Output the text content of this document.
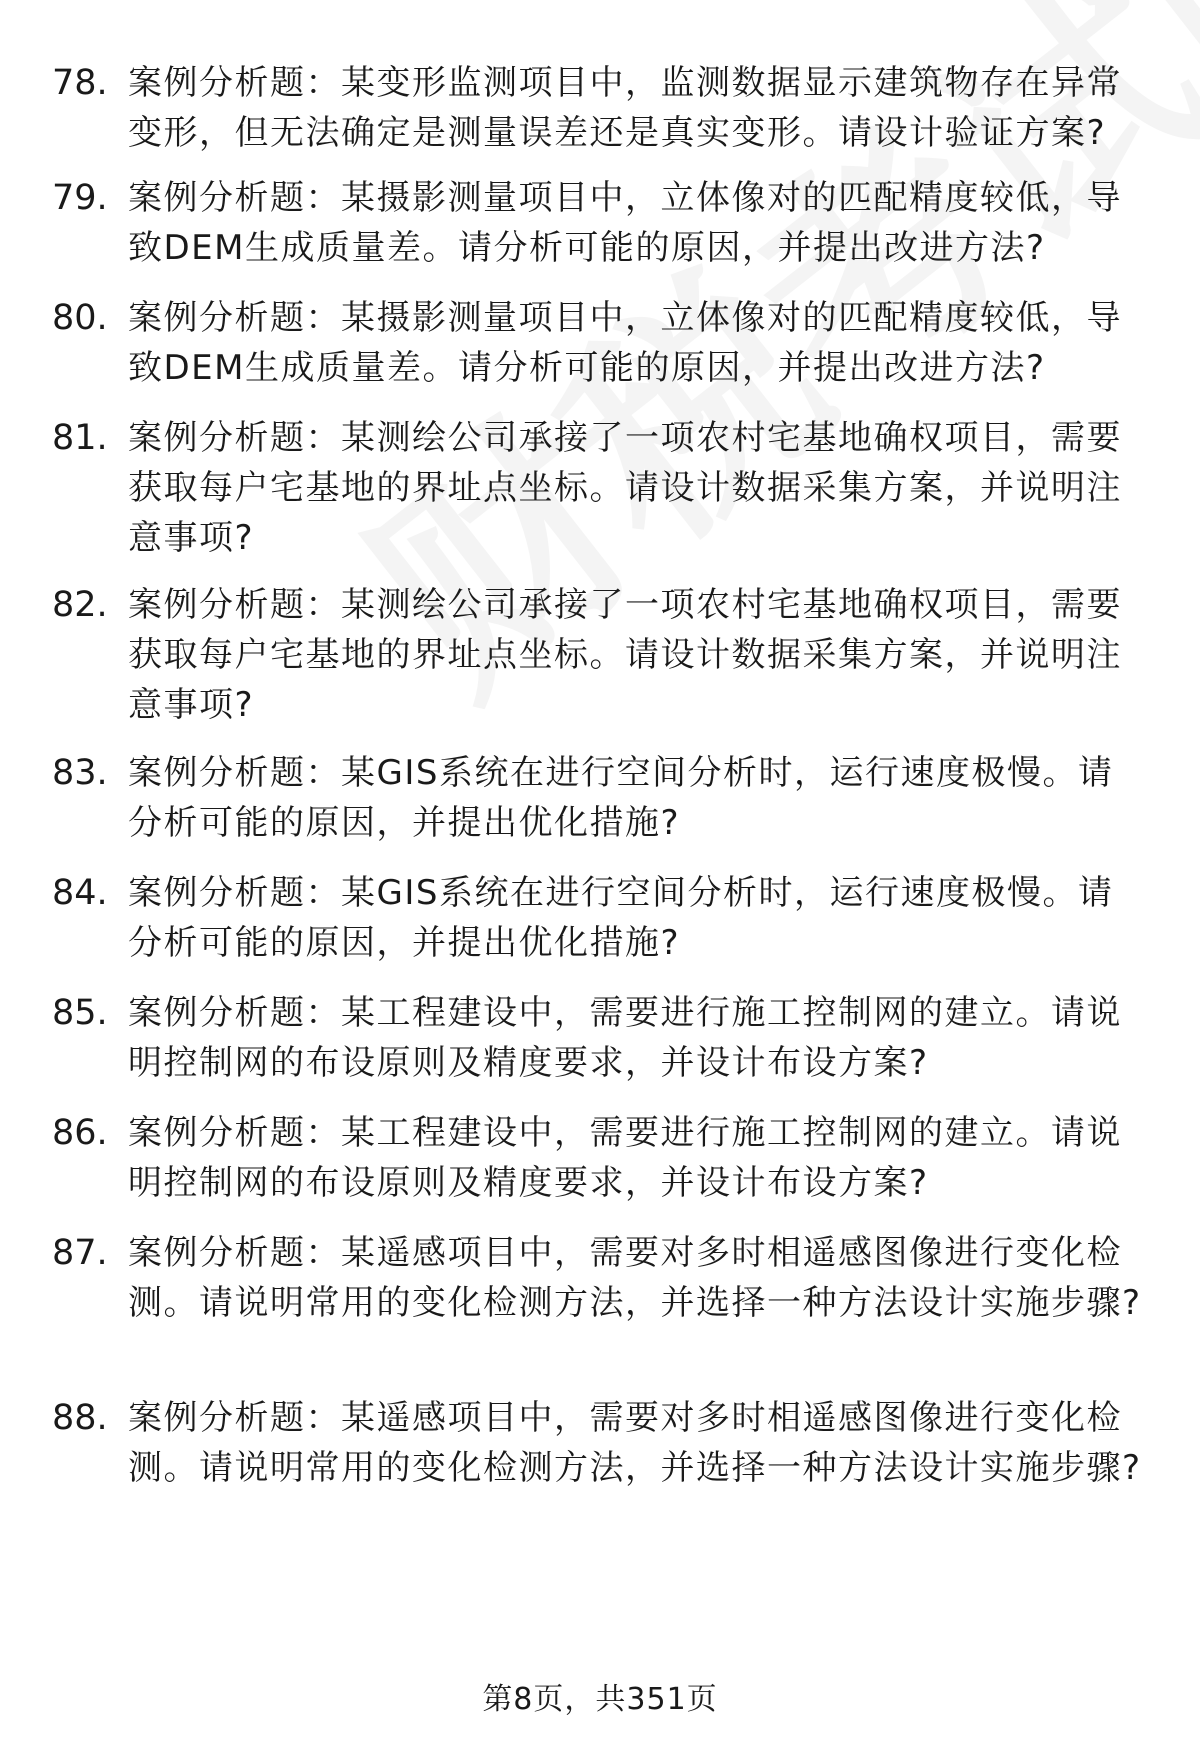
78. 案例分析题：某变形监测项目中，监测数据显示建筑物存在异常变形，但无法确定是测量误差还是真实变形。请设计验证方案?
79. 案例分析题：某摄影测量项目中，立体像对的匹配精度较低，导致DEM生成质量差。请分析可能的原因，并提出改进方法?
80. 案例分析题：某摄影测量项目中，立体像对的匹配精度较低，导致DEM生成质量差。请分析可能的原因，并提出改进方法?
81. 案例分析题：某测绘公司承接了一项农村宅基地确权项目，需要获取每户宅基地的界址点坐标。请设计数据采集方案，并说明注意事项?
82. 案例分析题：某测绘公司承接了一项农村宅基地确权项目，需要获取每户宅基地的界址点坐标。请设计数据采集方案，并说明注意事项?
83. 案例分析题：某GIS系统在进行空间分析时，运行速度极慢。请分析可能的原因，并提出优化措施?
84. 案例分析题：某GIS系统在进行空间分析时，运行速度极慢。请分析可能的原因，并提出优化措施?
85. 案例分析题：某工程建设中，需要进行施工控制网的建立。请说明控制网的布设原则及精度要求，并设计布设方案?
86. 案例分析题：某工程建设中，需要进行施工控制网的建立。请说明控制网的布设原则及精度要求，并设计布设方案?
87. 案例分析题：某遥感项目中，需要对多时相遥感图像进行变化检测。请说明常用的变化检测方法，并选择一种方法设计实施步骤?
88. 案例分析题：某遥感项目中，需要对多时相遥感图像进行变化检测。请说明常用的变化检测方法，并选择一种方法设计实施步骤?
第8页，共351页
